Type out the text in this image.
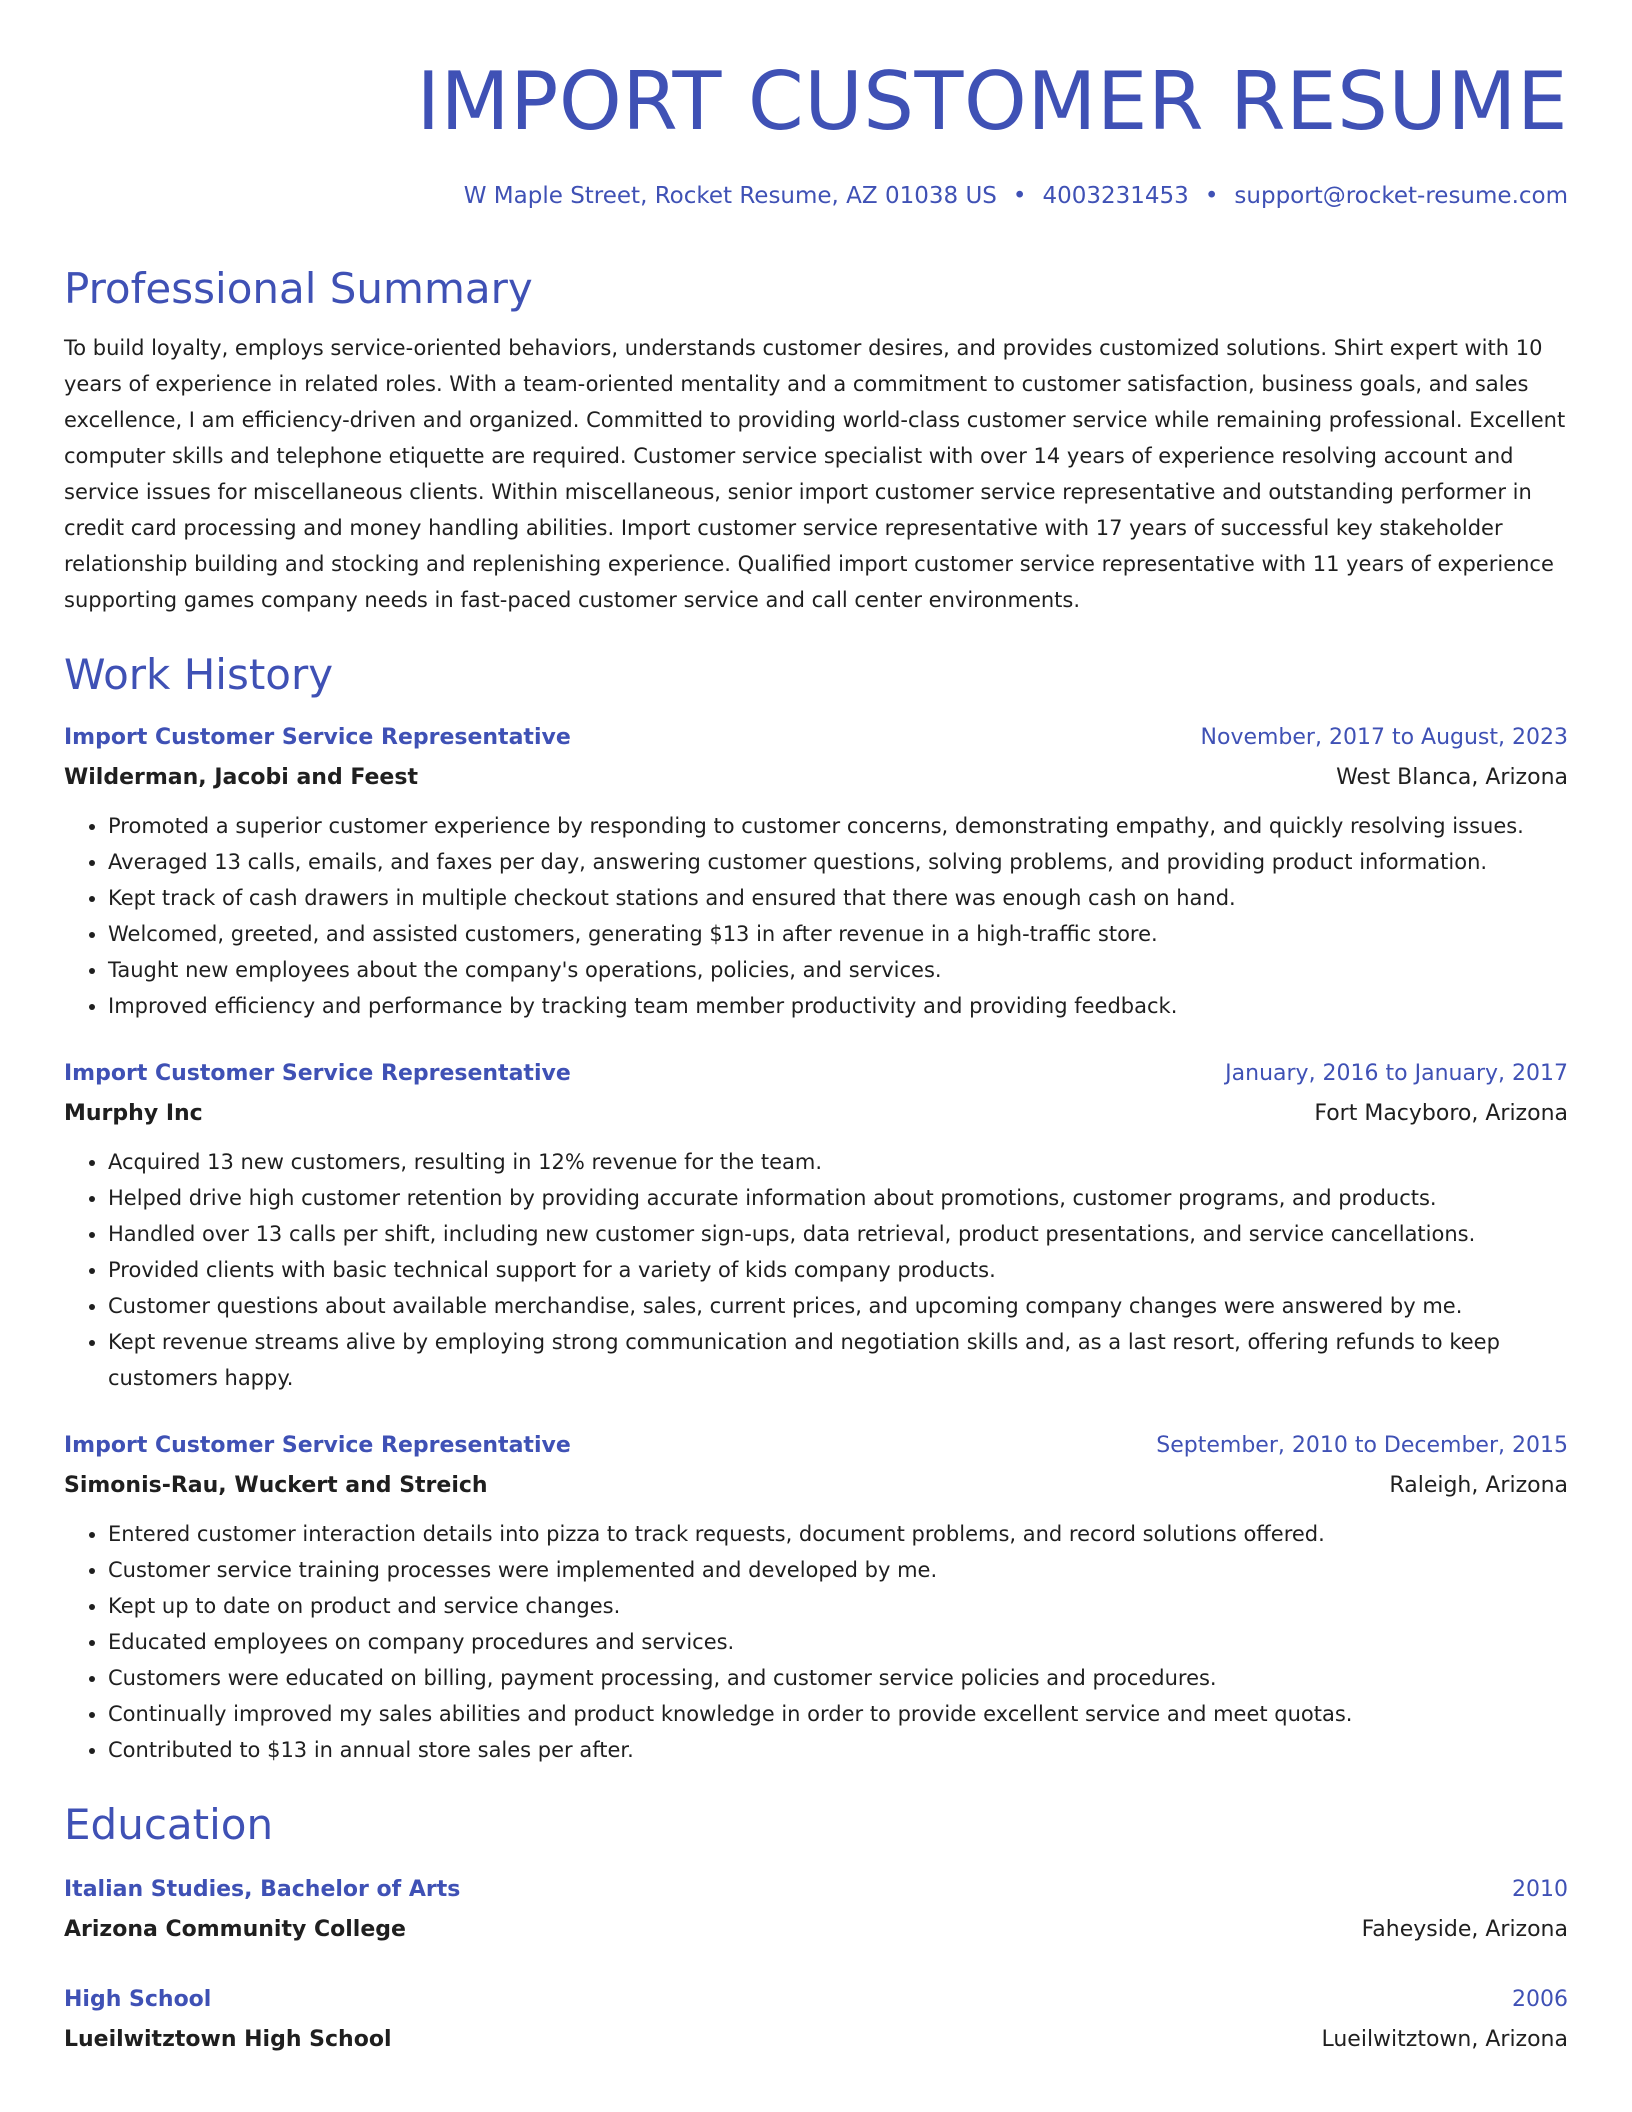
IMPORT CUSTOMER RESUME
W Maple Street, Rocket Resume, AZ 01038 US • 4003231453 • support@rocket-resume.com
Professional Summary
To build loyalty, employs service-oriented behaviors, understands customer desires, and provides customized solutions. Shirt expert with 10 years of experience in related roles. With a team-oriented mentality and a commitment to customer satisfaction, business goals, and sales excellence, I am efficiency-driven and organized. Committed to providing world-class customer service while remaining professional. Excellent computer skills and telephone etiquette are required. Customer service specialist with over 14 years of experience resolving account and service issues for miscellaneous clients. Within miscellaneous, senior import customer service representative and outstanding performer in credit card processing and money handling abilities. Import customer service representative with 17 years of successful key stakeholder relationship building and stocking and replenishing experience. Qualified import customer service representative with 11 years of experience supporting games company needs in fast-paced customer service and call center environments.
Work History
Import Customer Service Representative	November, 2017 to August, 2023
Wilderman, Jacobi and Feest	West Blanca, Arizona
• Promoted a superior customer experience by responding to customer concerns, demonstrating empathy, and quickly resolving issues.
• Averaged 13 calls, emails, and faxes per day, answering customer questions, solving problems, and providing product information.
• Kept track of cash drawers in multiple checkout stations and ensured that there was enough cash on hand.
• Welcomed, greeted, and assisted customers, generating $13 in after revenue in a high-traffic store.
• Taught new employees about the company's operations, policies, and services.
• Improved efficiency and performance by tracking team member productivity and providing feedback.
Import Customer Service Representative	January, 2016 to January, 2017
Murphy Inc	Fort Macyboro, Arizona
• Acquired 13 new customers, resulting in 12% revenue for the team.
• Helped drive high customer retention by providing accurate information about promotions, customer programs, and products.
• Handled over 13 calls per shift, including new customer sign-ups, data retrieval, product presentations, and service cancellations.
• Provided clients with basic technical support for a variety of kids company products.
• Customer questions about available merchandise, sales, current prices, and upcoming company changes were answered by me.
• Kept revenue streams alive by employing strong communication and negotiation skills and, as a last resort, offering refunds to keep customers happy.
Import Customer Service Representative	September, 2010 to December, 2015
Simonis-Rau, Wuckert and Streich	Raleigh, Arizona
• Entered customer interaction details into pizza to track requests, document problems, and record solutions offered.
• Customer service training processes were implemented and developed by me.
• Kept up to date on product and service changes.
• Educated employees on company procedures and services.
• Customers were educated on billing, payment processing, and customer service policies and procedures.
• Continually improved my sales abilities and product knowledge in order to provide excellent service and meet quotas.
• Contributed to $13 in annual store sales per after.
Education
Italian Studies, Bachelor of Arts	2010
Arizona Community College	Faheyside, Arizona
High School	2006
Lueilwitztown High School	Lueilwitztown, Arizona
